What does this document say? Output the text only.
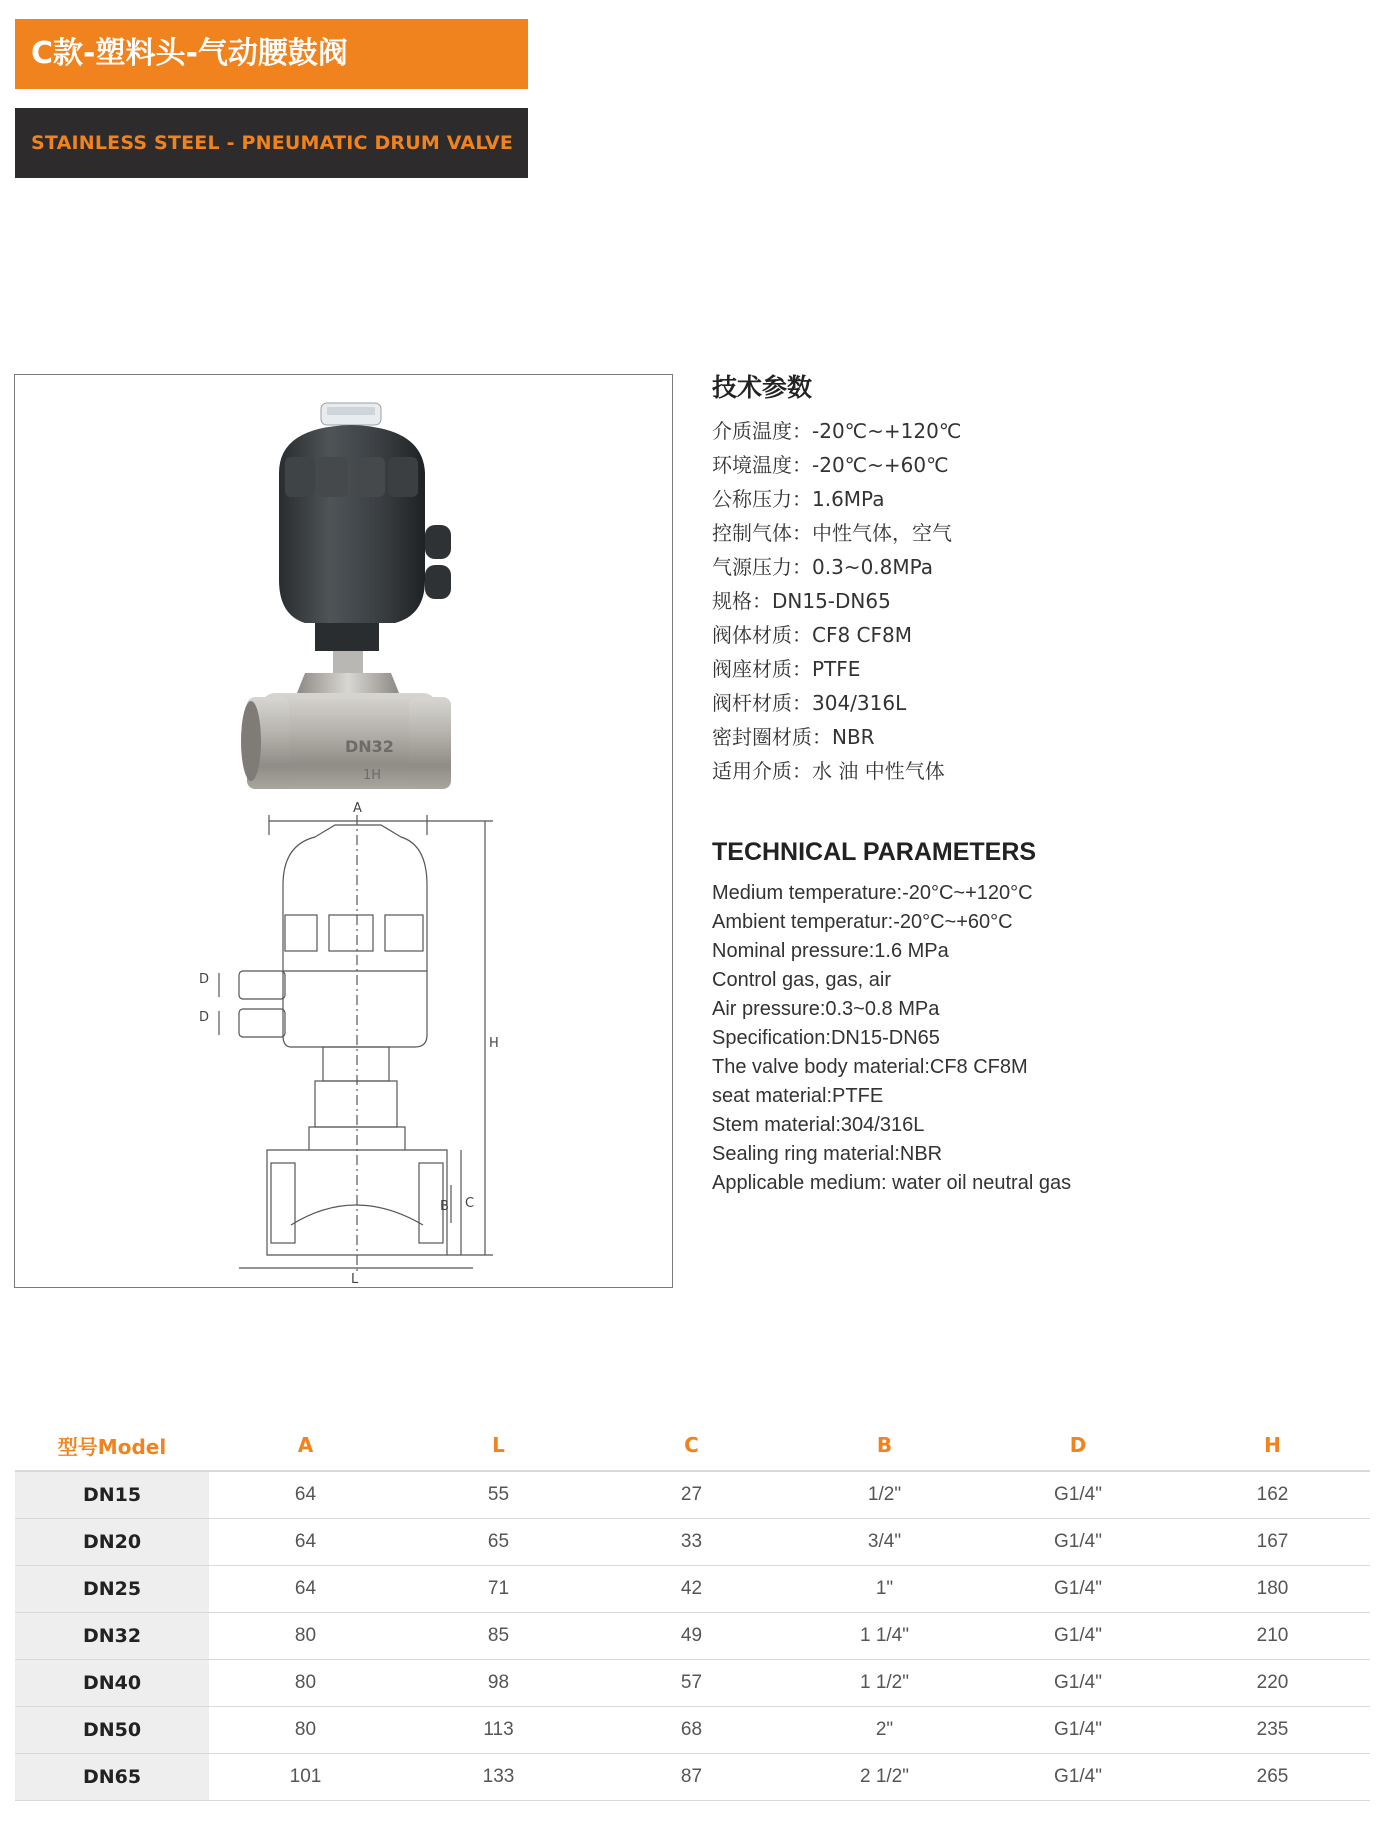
C款-塑料头-气动腰鼓阀
STAINLESS STEEL - PNEUMATIC DRUM VALVE
DN32
1H
A
D
D
H
B C
L
技术参数
介质温度：-20℃~+120℃
环境温度：-20℃~+60℃
公称压力：1.6MPa
控制气体：中性气体，空气
气源压力：0.3~0.8MPa
规格：DN15-DN65
阀体材质：CF8 CF8M
阀座材质：PTFE
阀杆材质：304/316L
密封圈材质：NBR
适用介质：水 油 中性气体
TECHNICAL PARAMETERS
Medium temperature:-20°C~+120°C
Ambient temperatur:-20°C~+60°C
Nominal pressure:1.6 MPa
Control gas, gas, air
Air pressure:0.3~0.8 MPa
Specification:DN15-DN65
The valve body material:CF8 CF8M
seat material:PTFE
Stem material:304/316L
Sealing ring material:NBR
Applicable medium: water oil neutral gas
型号Model	A	L	C	B	D	H
DN15	64	55	27	1/2"	G1/4"	162
DN20	64	65	33	3/4"	G1/4"	167
DN25	64	71	42	1"	G1/4"	180
DN32	80	85	49	1 1/4"	G1/4"	210
DN40	80	98	57	1 1/2"	G1/4"	220
DN50	80	113	68	2"	G1/4"	235
DN65	101	133	87	2 1/2"	G1/4"	265
